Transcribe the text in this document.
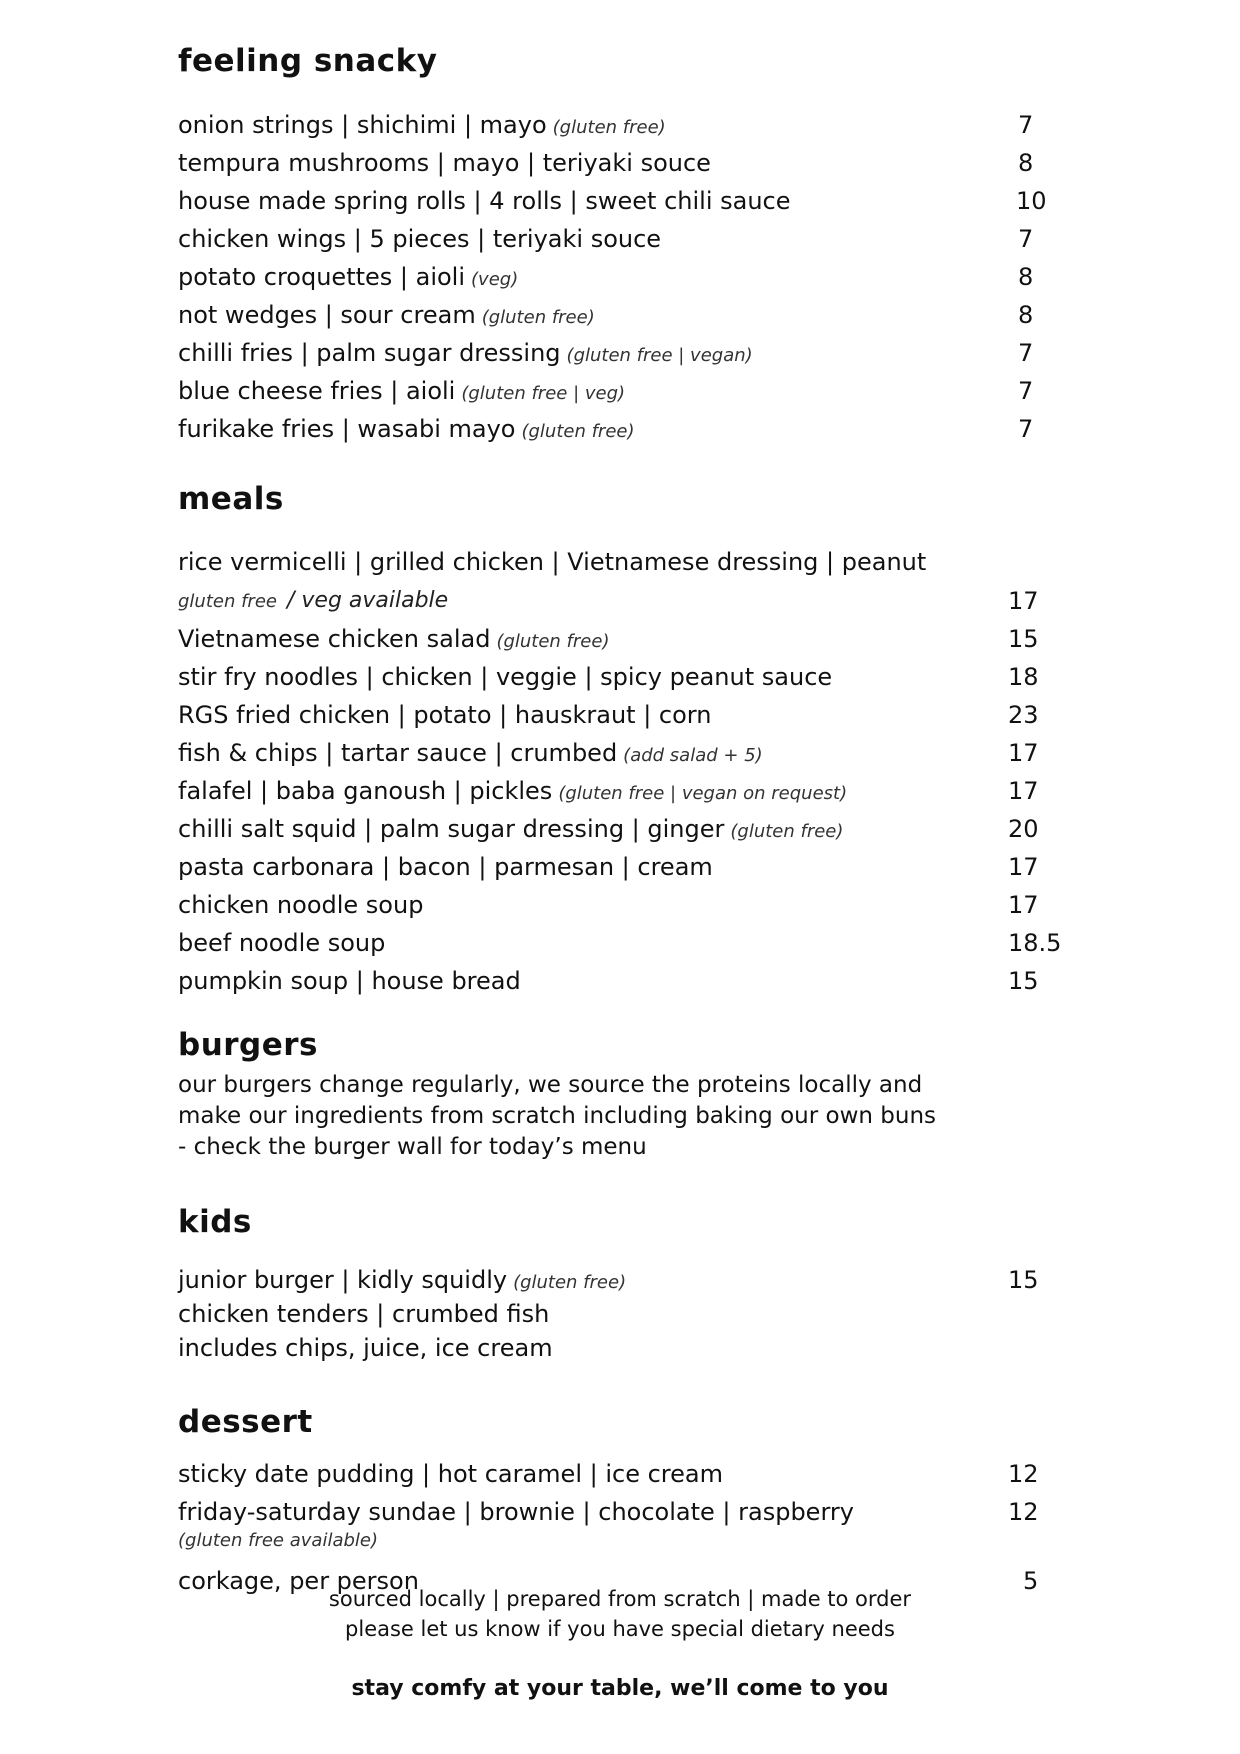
feeling snacky
onion strings | shichimi | mayo (gluten free)	7
tempura mushrooms | mayo | teriyaki souce	8
house made spring rolls | 4 rolls | sweet chili sauce	10
chicken wings | 5 pieces | teriyaki souce	7
potato croquettes | aioli (veg)	8
not wedges | sour cream (gluten free)	8
chilli fries | palm sugar dressing (gluten free | vegan)	7
blue cheese fries | aioli (gluten free | veg)	7
furikake fries | wasabi mayo (gluten free)	7
meals
rice vermicelli | grilled chicken | Vietnamese dressing | peanut
gluten free / veg available	17
Vietnamese chicken salad (gluten free)	15
stir fry noodles | chicken | veggie | spicy peanut sauce	18
RGS fried chicken | potato | hauskraut | corn	23
fish & chips | tartar sauce | crumbed (add salad + 5)	17
falafel | baba ganoush | pickles (gluten free | vegan on request)	17
chilli salt squid | palm sugar dressing | ginger (gluten free)	20
pasta carbonara | bacon | parmesan | cream	17
chicken noodle soup	17
beef noodle soup	18.5
pumpkin soup | house bread	15
burgers
our burgers change regularly, we source the proteins locally and make our ingredients from scratch including baking our own buns - check the burger wall for today’s menu
kids
junior burger | kidly squidly (gluten free)	15
chicken tenders | crumbed fish
includes chips, juice, ice cream
dessert
sticky date pudding | hot caramel | ice cream	12
friday-saturday sundae | brownie | chocolate | raspberry	12
(gluten free available)
corkage, per person	5
sourced locally | prepared from scratch | made to order
please let us know if you have special dietary needs
stay comfy at your table, we’ll come to you
